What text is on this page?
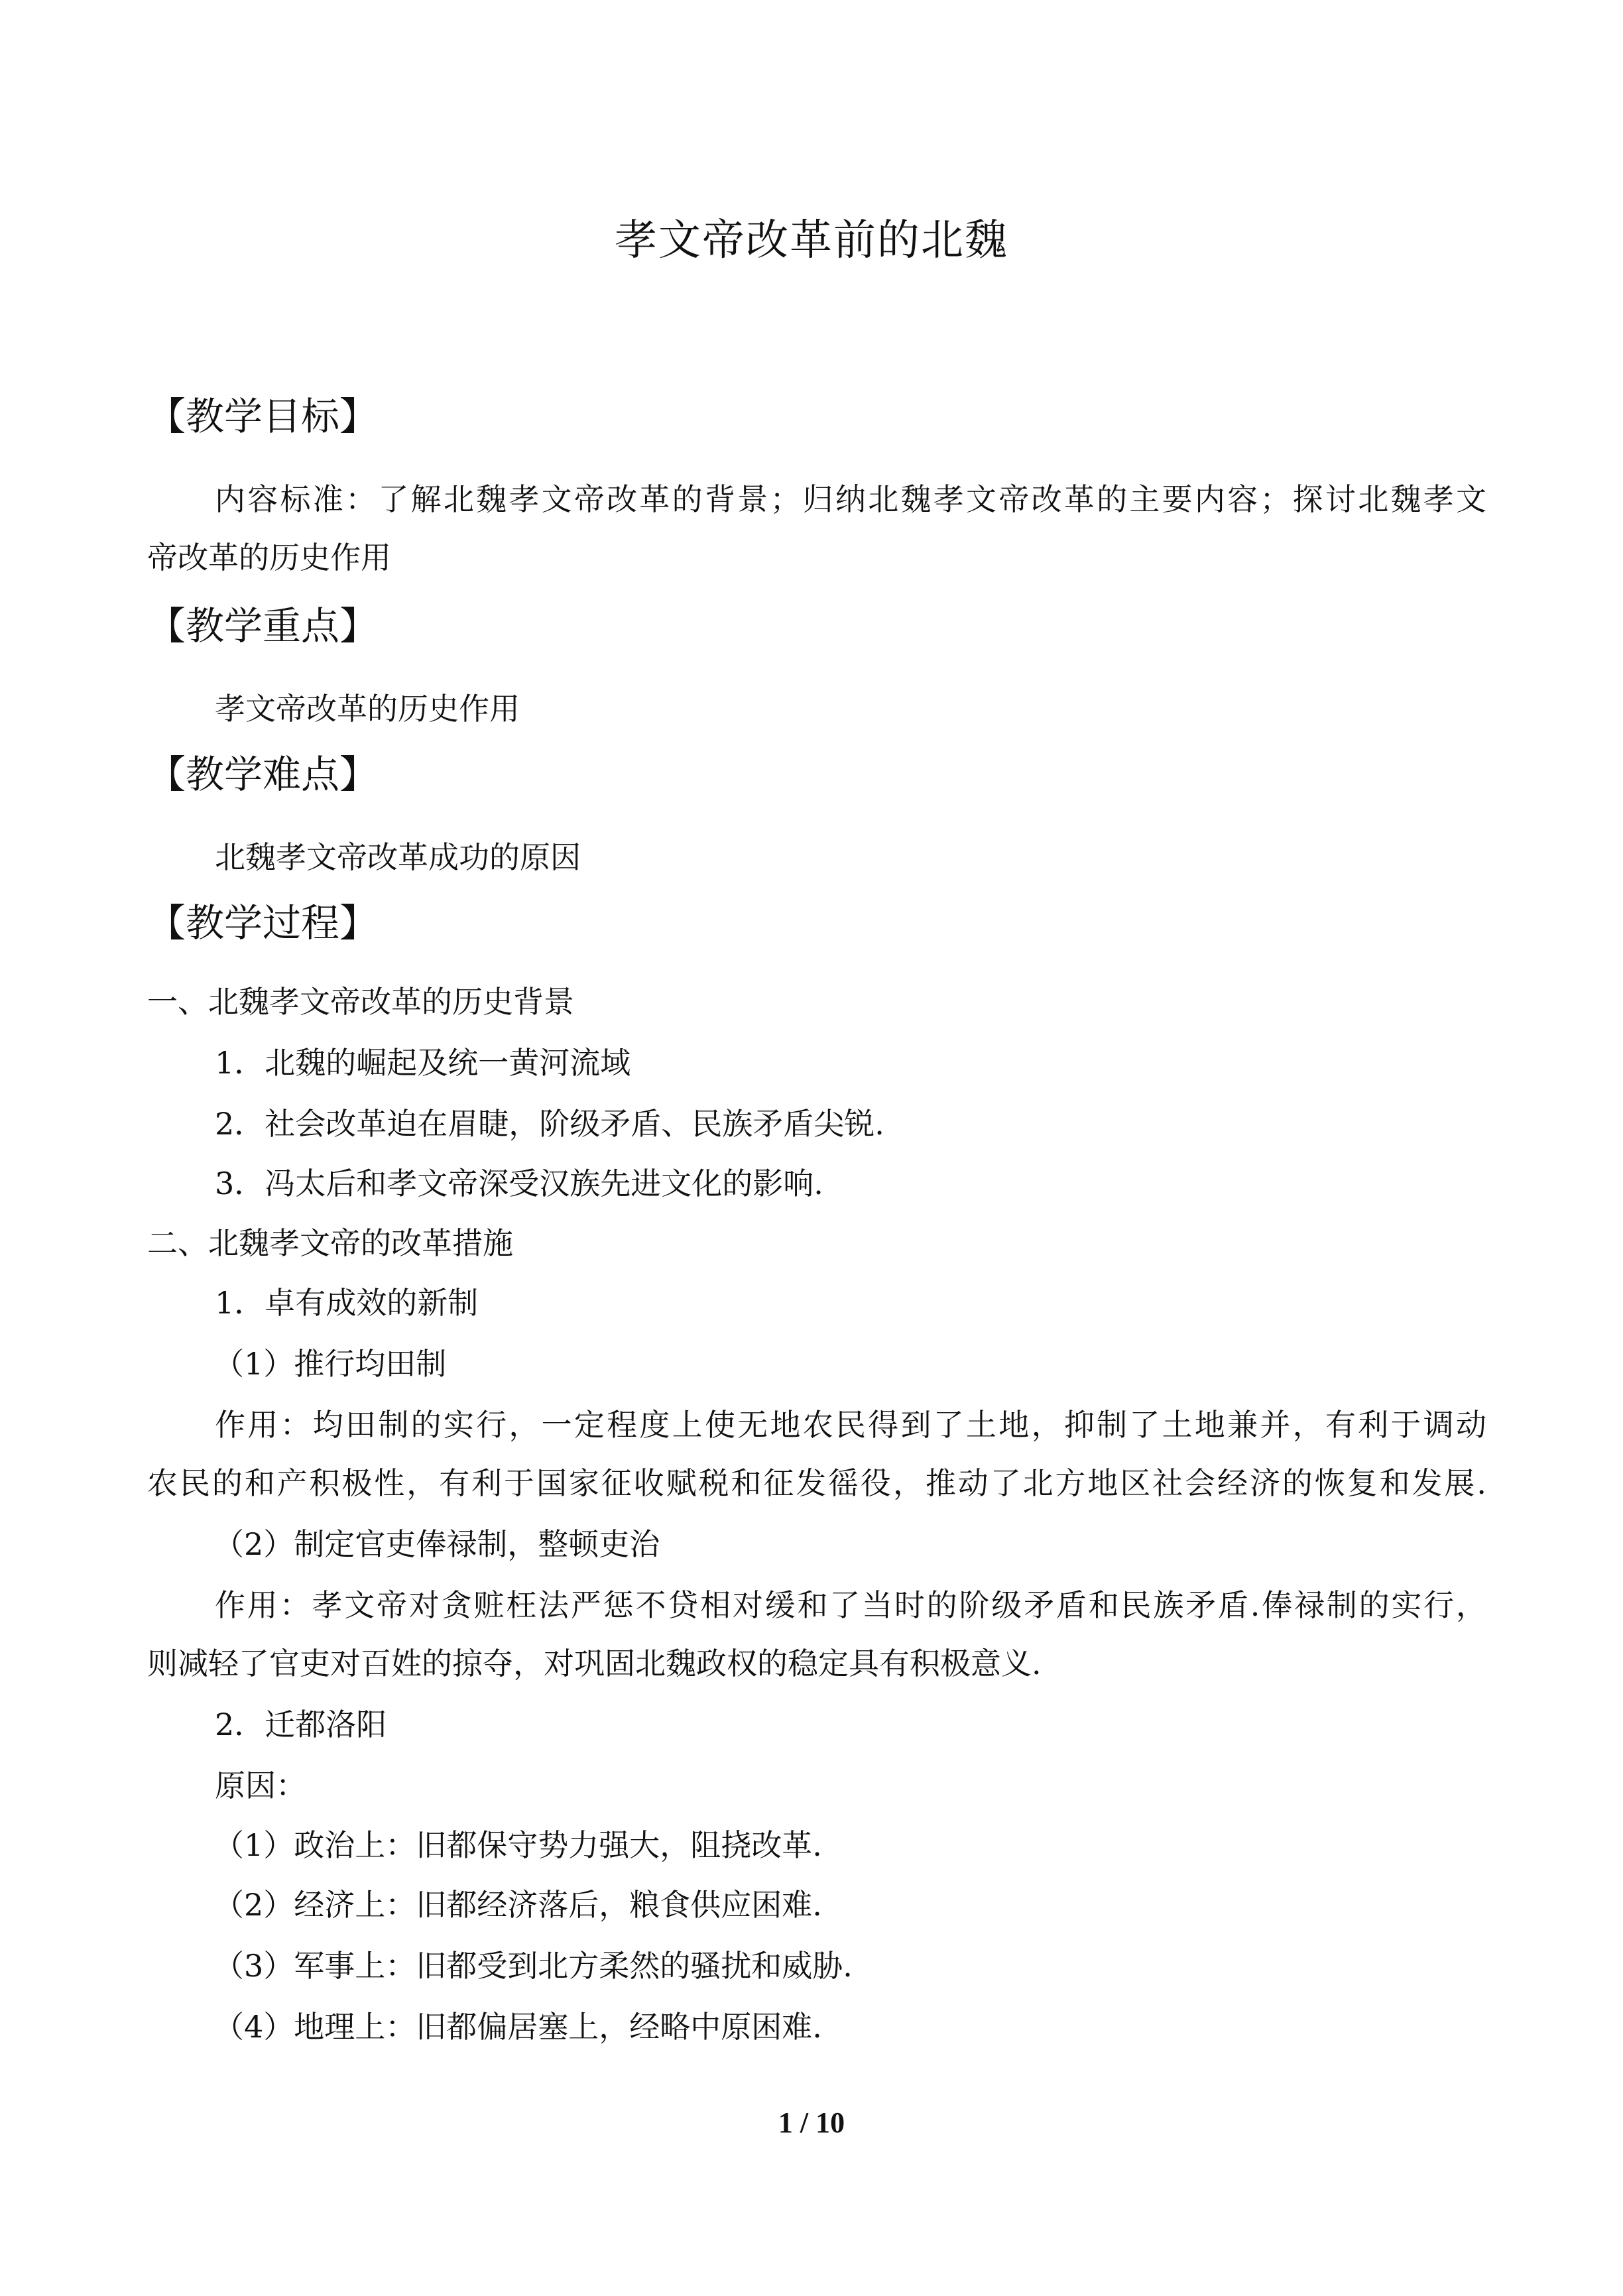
孝文帝改革前的北魏
【教学目标】
内容标准：了解北魏孝文帝改革的背景；归纳北魏孝文帝改革的主要内容；探讨北魏孝文
帝改革的历史作用
【教学重点】
孝文帝改革的历史作用
【教学难点】
北魏孝文帝改革成功的原因
【教学过程】
一、北魏孝文帝改革的历史背景
1．北魏的崛起及统一黄河流域
2．社会改革迫在眉睫，阶级矛盾、民族矛盾尖锐.
3．冯太后和孝文帝深受汉族先进文化的影响.
二、北魏孝文帝的改革措施
1．卓有成效的新制
（1）推行均田制
作用：均田制的实行，一定程度上使无地农民得到了土地，抑制了土地兼并，有利于调动
农民的和产积极性，有利于国家征收赋税和征发徭役，推动了北方地区社会经济的恢复和发展.
（2）制定官吏俸禄制，整顿吏治
作用：孝文帝对贪赃枉法严惩不贷相对缓和了当时的阶级矛盾和民族矛盾.俸禄制的实行，
则减轻了官吏对百姓的掠夺，对巩固北魏政权的稳定具有积极意义.
2．迁都洛阳
原因：
（1）政治上：旧都保守势力强大，阻挠改革.
（2）经济上：旧都经济落后，粮食供应困难.
（3）军事上：旧都受到北方柔然的骚扰和威胁.
（4）地理上：旧都偏居塞上，经略中原困难.
1 / 10
